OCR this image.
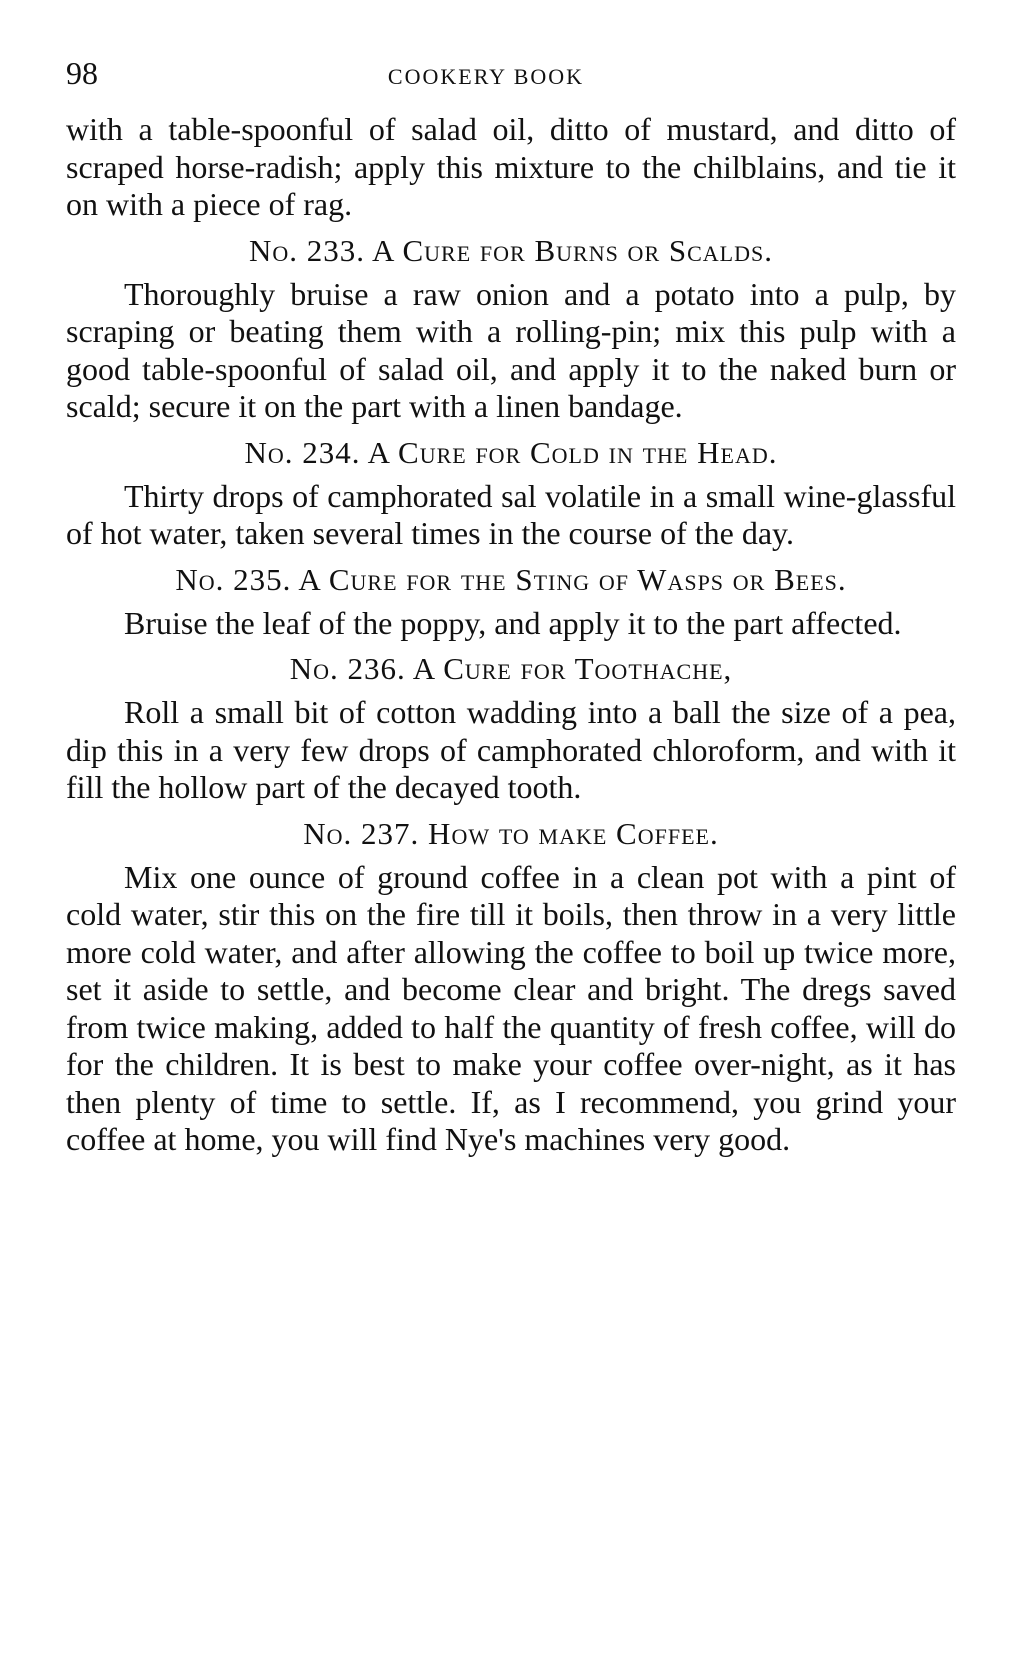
98	COOKERY BOOK

with a table-spoonful of salad oil, ditto of mustard, and ditto of scraped horse-radish; apply this mixture to the chilblains, and tie it on with a piece of rag.

No. 233. A Cure for Burns or Scalds.

Thoroughly bruise a raw onion and a potato into a pulp, by scraping or beating them with a rolling-pin; mix this pulp with a good table-spoonful of salad oil, and apply it to the naked burn or scald; secure it on the part with a linen bandage.

No. 234. A Cure for Cold in the Head.

Thirty drops of camphorated sal volatile in a small wine-glassful of hot water, taken several times in the course of the day.

No. 235. A Cure for the Sting of Wasps or Bees.

Bruise the leaf of the poppy, and apply it to the part affected.

No. 236. A Cure for Toothache,

Roll a small bit of cotton wadding into a ball the size of a pea, dip this in a very few drops of camphorated chloroform, and with it fill the hollow part of the decayed tooth.

No. 237. How to make Coffee.

Mix one ounce of ground coffee in a clean pot with a pint of cold water, stir this on the fire till it boils, then throw in a very little more cold water, and after allowing the coffee to boil up twice more, set it aside to settle, and become clear and bright. The dregs saved from twice making, added to half the quantity of fresh coffee, will do for the children. It is best to make your coffee over-night, as it has then plenty of time to settle. If, as I recommend, you grind your coffee at home, you will find Nye's machines very good.
